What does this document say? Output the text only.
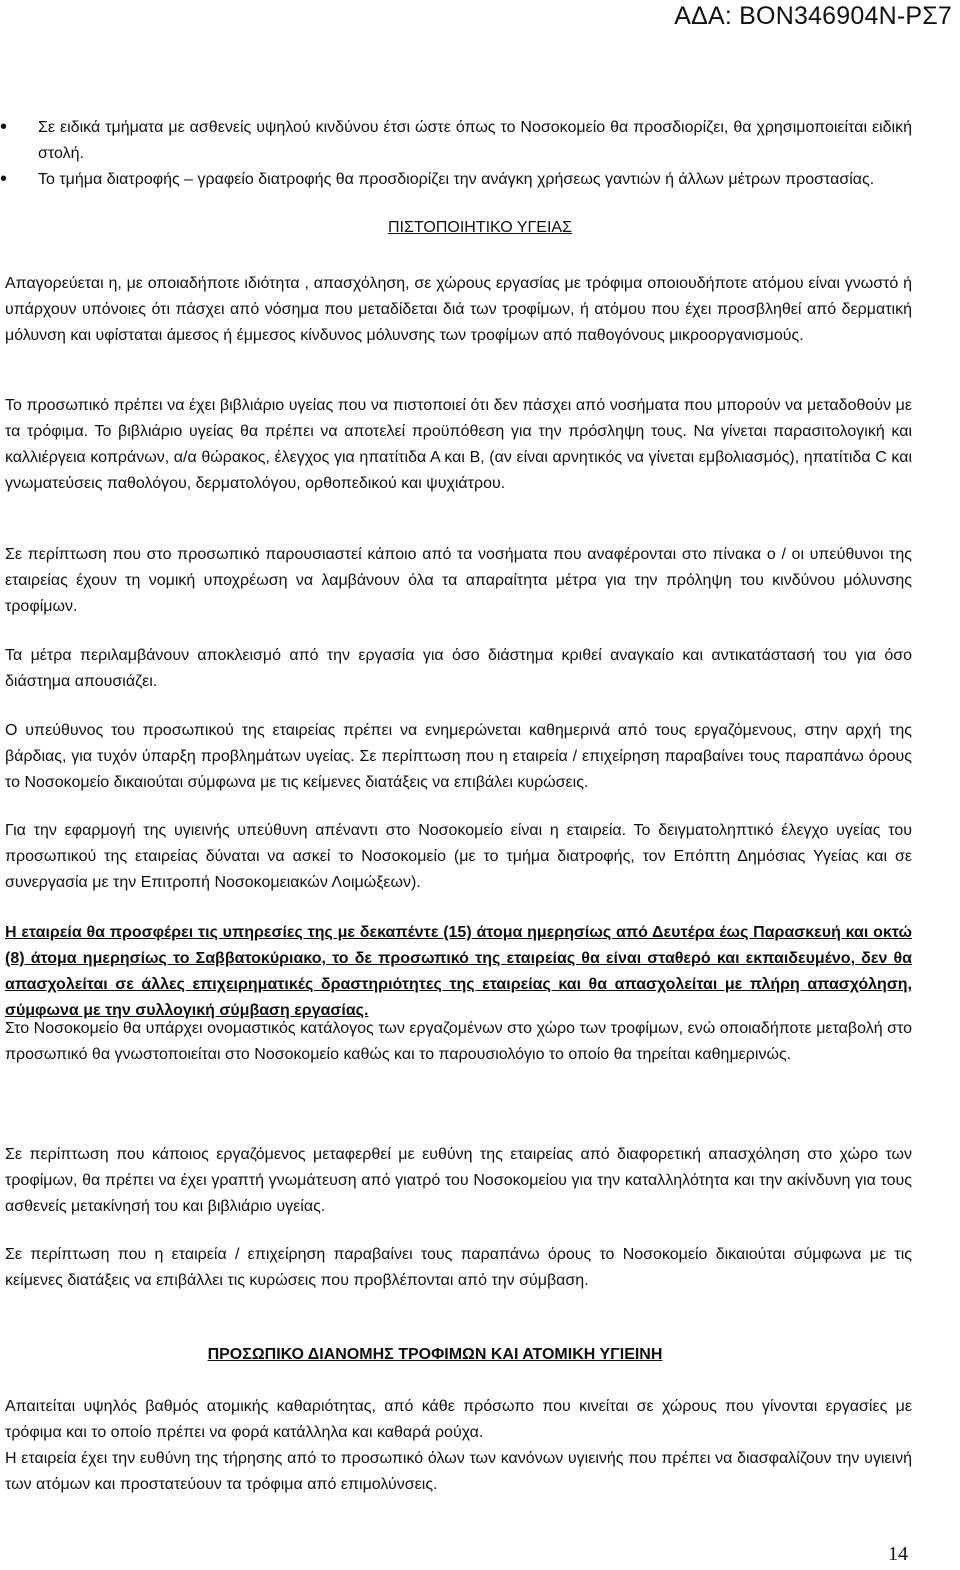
ΑΔΑ: ΒΟΝ346904Ν-ΡΣ7
• Σε ειδικά τμήματα με ασθενείς υψηλού κινδύνου έτσι ώστε όπως το Νοσοκομείο θα προσδιορίζει, θα χρησιμοποιείται ειδική στολή.
• Το τμήμα διατροφής – γραφείο διατροφής θα προσδιορίζει την ανάγκη χρήσεως γαντιών ή άλλων μέτρων προστασίας.
ΠΙΣΤΟΠΟΙΗΤΙΚΟ ΥΓΕΙΑΣ

Απαγορεύεται η, με οποιαδήποτε ιδιότητα , απασχόληση, σε χώρους εργασίας με τρόφιμα οποιουδήποτε ατόμου είναι γνωστό ή υπάρχουν υπόνοιες ότι πάσχει από νόσημα που μεταδίδεται διά των τροφίμων, ή ατόμου που έχει προσβληθεί από δερματική μόλυνση και υφίσταται άμεσος ή έμμεσος κίνδυνος μόλυνσης των τροφίμων από παθογόνους μικροοργανισμούς.

Το προσωπικό πρέπει να έχει βιβλιάριο υγείας που να πιστοποιεί ότι δεν πάσχει από νοσήματα που μπορούν να μεταδοθούν με τα τρόφιμα. Το βιβλιάριο υγείας θα πρέπει να αποτελεί προϋπόθεση για την πρόσληψη τους. Να γίνεται παρασιτολογική και καλλιέργεια κοπράνων, α/α θώρακος, έλεγχος για ηπατίτιδα Α και Β, (αν είναι αρνητικός να γίνεται εμβολιασμός), ηπατίτιδα C και γνωματεύσεις παθολόγου, δερματολόγου, ορθοπεδικού και ψυχιάτρου.

Σε περίπτωση που στο προσωπικό παρουσιαστεί κάποιο από τα νοσήματα που αναφέρονται στο πίνακα ο / οι υπεύθυνοι της εταιρείας έχουν τη νομική υποχρέωση να λαμβάνουν όλα τα απαραίτητα μέτρα για την πρόληψη του κινδύνου μόλυνσης τροφίμων.

Τα μέτρα περιλαμβάνουν αποκλεισμό από την εργασία για όσο διάστημα κριθεί αναγκαίο και αντικατάστασή του για όσο διάστημα απουσιάζει.

Ο υπεύθυνος του προσωπικού της εταιρείας πρέπει να ενημερώνεται καθημερινά από τους εργαζόμενους, στην αρχή της βάρδιας, για τυχόν ύπαρξη προβλημάτων υγείας. Σε περίπτωση που η εταιρεία / επιχείρηση παραβαίνει τους παραπάνω όρους το Νοσοκομείο δικαιούται σύμφωνα με τις κείμενες διατάξεις να επιβάλει κυρώσεις.

Για την εφαρμογή της υγιεινής υπεύθυνη απέναντι στο Νοσοκομείο είναι η εταιρεία. Το δειγματοληπτικό έλεγχο υγείας του προσωπικού της εταιρείας δύναται να ασκεί το Νοσοκομείο (με το τμήμα διατροφής, τον Επόπτη Δημόσιας Υγείας και σε συνεργασία με την Επιτροπή Νοσοκομειακών Λοιμώξεων).

Η εταιρεία θα προσφέρει τις υπηρεσίες της με δεκαπέντε (15) άτομα ημερησίως από Δευτέρα έως Παρασκευή και οκτώ (8) άτομα ημερησίως το Σαββατοκύριακο, το δε προσωπικό της εταιρείας θα είναι σταθερό και εκπαιδευμένο, δεν θα απασχολείται σε άλλες επιχειρηματικές δραστηριότητες της εταιρείας και θα απασχολείται με πλήρη απασχόληση, σύμφωνα με την συλλογική σύμβαση εργασίας.

Στο Νοσοκομείο θα υπάρχει ονομαστικός κατάλογος των εργαζομένων στο χώρο των τροφίμων, ενώ οποιαδήποτε μεταβολή στο προσωπικό θα γνωστοποιείται στο Νοσοκομείο καθώς και το παρουσιολόγιο το οποίο θα τηρείται καθημερινώς.

Σε περίπτωση που κάποιος εργαζόμενος μεταφερθεί με ευθύνη της εταιρείας από διαφορετική απασχόληση στο χώρο των τροφίμων, θα πρέπει να έχει γραπτή γνωμάτευση από γιατρό του Νοσοκομείου για την καταλληλότητα και την ακίνδυνη για τους ασθενείς μετακίνησή του και βιβλιάριο υγείας.

Σε περίπτωση που η εταιρεία / επιχείρηση παραβαίνει τους παραπάνω όρους το Νοσοκομείο δικαιούται σύμφωνα με τις κείμενες διατάξεις να επιβάλλει τις κυρώσεις που προβλέπονται από την σύμβαση.

ΠΡΟΣΩΠΙΚΟ ΔΙΑΝΟΜΗΣ ΤΡΟΦΙΜΩΝ ΚΑΙ ΑΤΟΜΙΚΗ ΥΓΙΕΙΝΗ

Απαιτείται υψηλός βαθμός ατομικής καθαριότητας, από κάθε πρόσωπο που κινείται σε χώρους που γίνονται εργασίες με τρόφιμα και το οποίο πρέπει να φορά κατάλληλα και καθαρά ρούχα.

Η εταιρεία έχει την ευθύνη της τήρησης από το προσωπικό όλων των κανόνων υγιεινής που πρέπει να διασφαλίζουν την υγιεινή των ατόμων και προστατεύουν τα τρόφιμα από επιμολύνσεις.

14
